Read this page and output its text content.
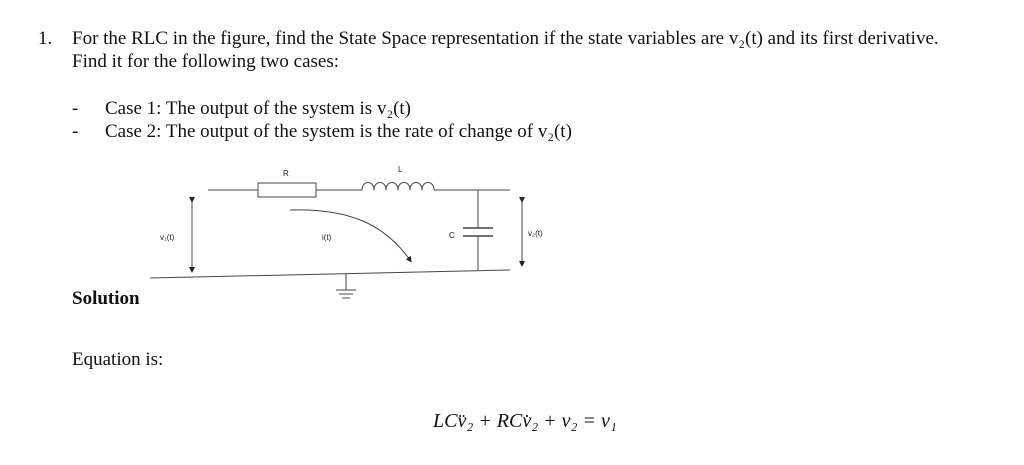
1. For the RLC in the figure, find the State Space representation if the state variables are v₂(t) and its first derivative.
Find it for the following two cases:
- Case 1: The output of the system is v₂(t)
- Case 2: The output of the system is the rate of change of v₂(t)
R	L
v₁(t)	i(t)	C	v₂(t)
Solution
Equation is:
LCv̈₂ + RCv̇₂ + v₂ = v₁
